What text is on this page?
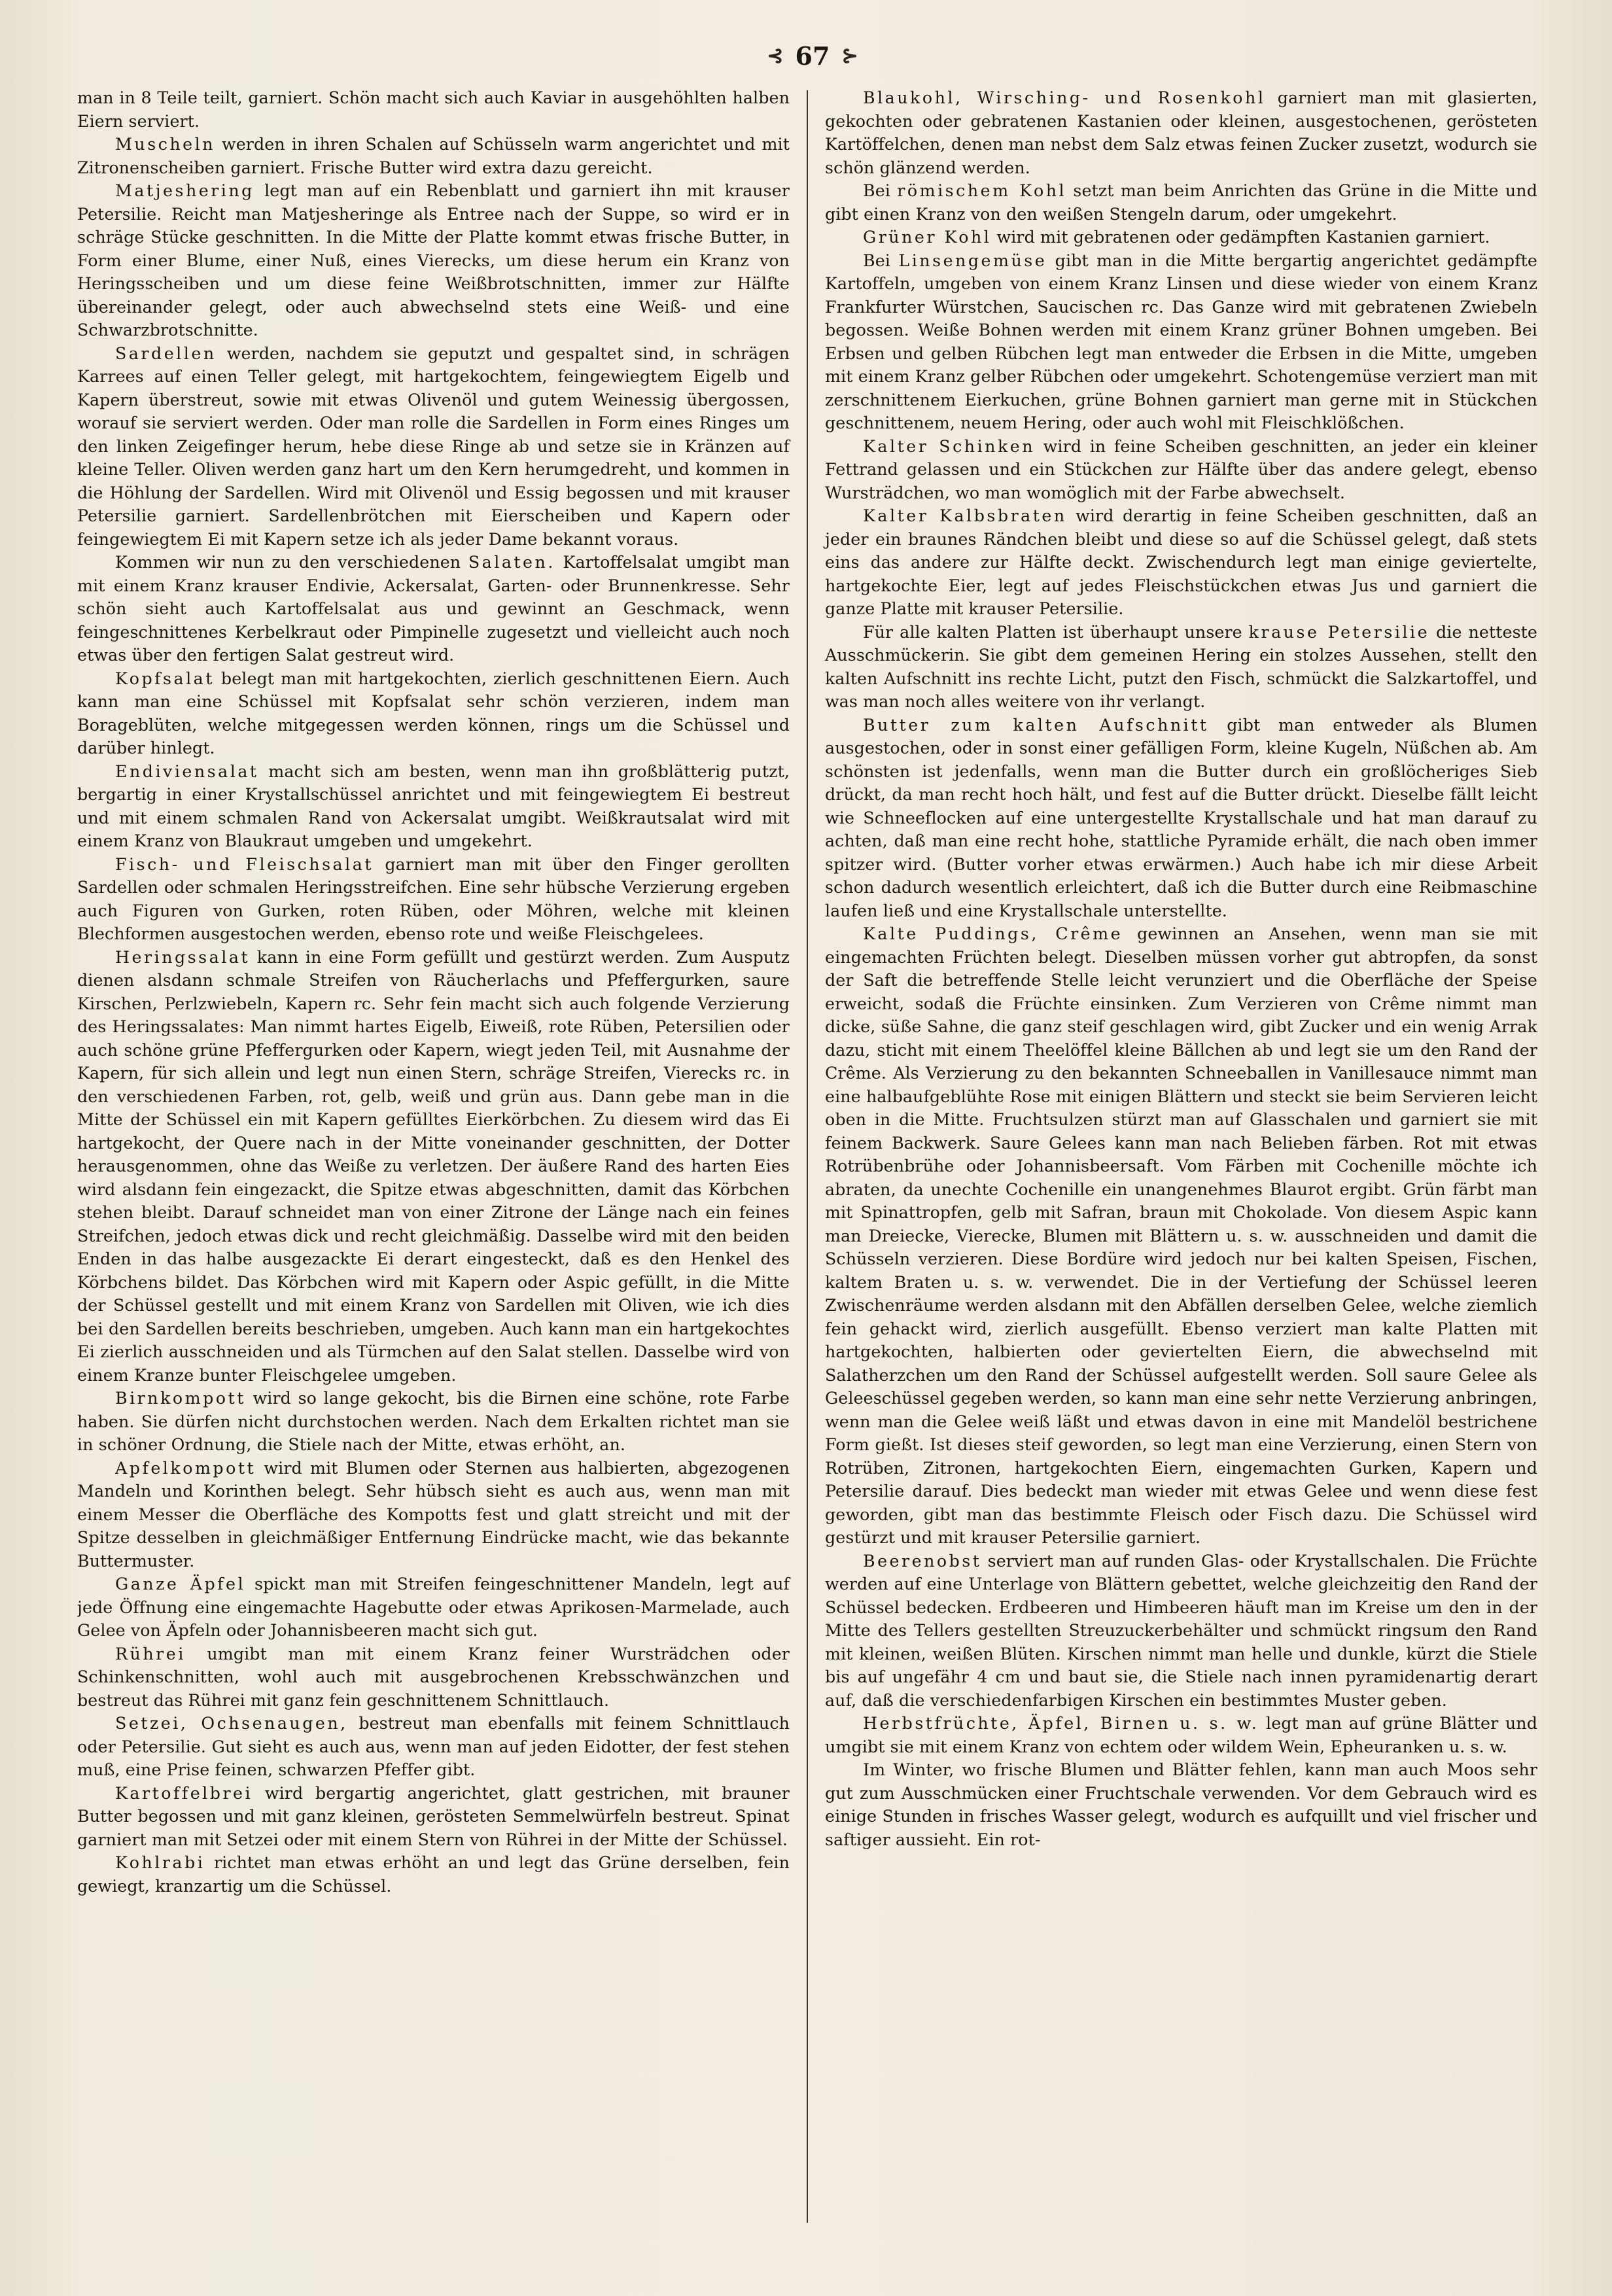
⊰ 67 ⊱

man in 8 Teile teilt, garniert. Schön macht sich auch Kaviar in ausgehöhlten halben Eiern serviert.

Muscheln werden in ihren Schalen auf Schüsseln warm angerichtet und mit Zitronenscheiben garniert. Frische Butter wird extra dazu gereicht.

Matjeshering legt man auf ein Rebenblatt und garniert ihn mit krauser Petersilie. Reicht man Matjesheringe als Entree nach der Suppe, so wird er in schräge Stücke geschnitten. In die Mitte der Platte kommt etwas frische Butter, in Form einer Blume, einer Nuß, eines Vierecks, um diese herum ein Kranz von Heringsscheiben und um diese feine Weißbrotschnitten, immer zur Hälfte übereinander gelegt, oder auch abwechselnd stets eine Weiß- und eine Schwarzbrotschnitte.

Sardellen werden, nachdem sie geputzt und gespaltet sind, in schrägen Karrees auf einen Teller gelegt, mit hartgekochtem, feingewiegtem Eigelb und Kapern überstreut, sowie mit etwas Olivenöl und gutem Weinessig übergossen, worauf sie serviert werden. Oder man rolle die Sardellen in Form eines Ringes um den linken Zeigefinger herum, hebe diese Ringe ab und setze sie in Kränzen auf kleine Teller. Oliven werden ganz hart um den Kern herumgedreht, und kommen in die Höhlung der Sardellen. Wird mit Olivenöl und Essig begossen und mit krauser Petersilie garniert. Sardellenbrötchen mit Eierscheiben und Kapern oder feingewiegtem Ei mit Kapern setze ich als jeder Dame bekannt voraus.

Kommen wir nun zu den verschiedenen Salaten. Kartoffelsalat umgibt man mit einem Kranz krauser Endivie, Ackersalat, Garten- oder Brunnenkresse. Sehr schön sieht auch Kartoffelsalat aus und gewinnt an Geschmack, wenn feingeschnittenes Kerbelkraut oder Pimpinelle zugesetzt und vielleicht auch noch etwas über den fertigen Salat gestreut wird.

Kopfsalat belegt man mit hartgekochten, zierlich geschnittenen Eiern. Auch kann man eine Schüssel mit Kopfsalat sehr schön verzieren, indem man Borageblüten, welche mitgegessen werden können, rings um die Schüssel und darüber hinlegt.

Endiviensalat macht sich am besten, wenn man ihn großblätterig putzt, bergartig in einer Krystallschüssel anrichtet und mit feingewiegtem Ei bestreut und mit einem schmalen Rand von Ackersalat umgibt. Weißkrautsalat wird mit einem Kranz von Blaukraut umgeben und umgekehrt.

Fisch- und Fleischsalat garniert man mit über den Finger gerollten Sardellen oder schmalen Heringsstreifchen. Eine sehr hübsche Verzierung ergeben auch Figuren von Gurken, roten Rüben, oder Möhren, welche mit kleinen Blechformen ausgestochen werden, ebenso rote und weiße Fleischgelees.

Heringssalat kann in eine Form gefüllt und gestürzt werden. Zum Ausputz dienen alsdann schmale Streifen von Räucherlachs und Pfeffergurken, saure Kirschen, Perlzwiebeln, Kapern rc. Sehr fein macht sich auch folgende Verzierung des Heringssalates: Man nimmt hartes Eigelb, Eiweiß, rote Rüben, Petersilien oder auch schöne grüne Pfeffergurken oder Kapern, wiegt jeden Teil, mit Ausnahme der Kapern, für sich allein und legt nun einen Stern, schräge Streifen, Vierecks rc. in den verschiedenen Farben, rot, gelb, weiß und grün aus. Dann gebe man in die Mitte der Schüssel ein mit Kapern gefülltes Eierkörbchen. Zu diesem wird das Ei hartgekocht, der Quere nach in der Mitte voneinander geschnitten, der Dotter herausgenommen, ohne das Weiße zu verletzen. Der äußere Rand des harten Eies wird alsdann fein eingezackt, die Spitze etwas abgeschnitten, damit das Körbchen stehen bleibt. Darauf schneidet man von einer Zitrone der Länge nach ein feines Streifchen, jedoch etwas dick und recht gleichmäßig. Dasselbe wird mit den beiden Enden in das halbe ausgezackte Ei derart eingesteckt, daß es den Henkel des Körbchens bildet. Das Körbchen wird mit Kapern oder Aspic gefüllt, in die Mitte der Schüssel gestellt und mit einem Kranz von Sardellen mit Oliven, wie ich dies bei den Sardellen bereits beschrieben, umgeben. Auch kann man ein hartgekochtes Ei zierlich ausschneiden und als Türmchen auf den Salat stellen. Dasselbe wird von einem Kranze bunter Fleischgelee umgeben.

Birnkompott wird so lange gekocht, bis die Birnen eine schöne, rote Farbe haben. Sie dürfen nicht durchstochen werden. Nach dem Erkalten richtet man sie in schöner Ordnung, die Stiele nach der Mitte, etwas erhöht, an.

Apfelkompott wird mit Blumen oder Sternen aus halbierten, abgezogenen Mandeln und Korinthen belegt. Sehr hübsch sieht es auch aus, wenn man mit einem Messer die Oberfläche des Kompotts fest und glatt streicht und mit der Spitze desselben in gleichmäßiger Entfernung Eindrücke macht, wie das bekannte Buttermuster.

Ganze Äpfel spickt man mit Streifen feingeschnittener Mandeln, legt auf jede Öffnung eine eingemachte Hagebutte oder etwas Aprikosen-Marmelade, auch Gelee von Äpfeln oder Johannisbeeren macht sich gut.

Rührei umgibt man mit einem Kranz feiner Wursträdchen oder Schinkenschnitten, wohl auch mit ausgebrochenen Krebsschwänzchen und bestreut das Rührei mit ganz fein geschnittenem Schnittlauch.

Setzei, Ochsenaugen, bestreut man ebenfalls mit feinem Schnittlauch oder Petersilie. Gut sieht es auch aus, wenn man auf jeden Eidotter, der fest stehen muß, eine Prise feinen, schwarzen Pfeffer gibt.

Kartoffelbrei wird bergartig angerichtet, glatt gestrichen, mit brauner Butter begossen und mit ganz kleinen, gerösteten Semmelwürfeln bestreut. Spinat garniert man mit Setzei oder mit einem Stern von Rührei in der Mitte der Schüssel.

Kohlrabi richtet man etwas erhöht an und legt das Grüne derselben, fein gewiegt, kranzartig um die Schüssel.

Blaukohl, Wirsching- und Rosenkohl garniert man mit glasierten, gekochten oder gebratenen Kastanien oder kleinen, ausgestochenen, gerösteten Kartöffelchen, denen man nebst dem Salz etwas feinen Zucker zusetzt, wodurch sie schön glänzend werden.

Bei römischem Kohl setzt man beim Anrichten das Grüne in die Mitte und gibt einen Kranz von den weißen Stengeln darum, oder umgekehrt.

Grüner Kohl wird mit gebratenen oder gedämpften Kastanien garniert.

Bei Linsengemüse gibt man in die Mitte bergartig angerichtet gedämpfte Kartoffeln, umgeben von einem Kranz Linsen und diese wieder von einem Kranz Frankfurter Würstchen, Saucischen rc. Das Ganze wird mit gebratenen Zwiebeln begossen. Weiße Bohnen werden mit einem Kranz grüner Bohnen umgeben. Bei Erbsen und gelben Rübchen legt man entweder die Erbsen in die Mitte, umgeben mit einem Kranz gelber Rübchen oder umgekehrt. Schotengemüse verziert man mit zerschnittenem Eierkuchen, grüne Bohnen garniert man gerne mit in Stückchen geschnittenem, neuem Hering, oder auch wohl mit Fleischklößchen.

Kalter Schinken wird in feine Scheiben geschnitten, an jeder ein kleiner Fettrand gelassen und ein Stückchen zur Hälfte über das andere gelegt, ebenso Wursträdchen, wo man womöglich mit der Farbe abwechselt.

Kalter Kalbsbraten wird derartig in feine Scheiben geschnitten, daß an jeder ein braunes Rändchen bleibt und diese so auf die Schüssel gelegt, daß stets eins das andere zur Hälfte deckt. Zwischendurch legt man einige geviertelte, hartgekochte Eier, legt auf jedes Fleischstückchen etwas Jus und garniert die ganze Platte mit krauser Petersilie.

Für alle kalten Platten ist überhaupt unsere krause Petersilie die netteste Ausschmückerin. Sie gibt dem gemeinen Hering ein stolzes Aussehen, stellt den kalten Aufschnitt ins rechte Licht, putzt den Fisch, schmückt die Salzkartoffel, und was man noch alles weitere von ihr verlangt.

Butter zum kalten Aufschnitt gibt man entweder als Blumen ausgestochen, oder in sonst einer gefälligen Form, kleine Kugeln, Nüßchen ab. Am schönsten ist jedenfalls, wenn man die Butter durch ein großlöcheriges Sieb drückt, da man recht hoch hält, und fest auf die Butter drückt. Dieselbe fällt leicht wie Schneeflocken auf eine untergestellte Krystallschale und hat man darauf zu achten, daß man eine recht hohe, stattliche Pyramide erhält, die nach oben immer spitzer wird. (Butter vorher etwas erwärmen.) Auch habe ich mir diese Arbeit schon dadurch wesentlich erleichtert, daß ich die Butter durch eine Reibmaschine laufen ließ und eine Krystallschale unterstellte.

Kalte Puddings, Crême gewinnen an Ansehen, wenn man sie mit eingemachten Früchten belegt. Dieselben müssen vorher gut abtropfen, da sonst der Saft die betreffende Stelle leicht verunziert und die Oberfläche der Speise erweicht, sodaß die Früchte einsinken. Zum Verzieren von Crême nimmt man dicke, süße Sahne, die ganz steif geschlagen wird, gibt Zucker und ein wenig Arrak dazu, sticht mit einem Theelöffel kleine Bällchen ab und legt sie um den Rand der Crême. Als Verzierung zu den bekannten Schneeballen in Vanillesauce nimmt man eine halbaufgeblühte Rose mit einigen Blättern und steckt sie beim Servieren leicht oben in die Mitte. Fruchtsulzen stürzt man auf Glasschalen und garniert sie mit feinem Backwerk. Saure Gelees kann man nach Belieben färben. Rot mit etwas Rotrübenbrühe oder Johannisbeersaft. Vom Färben mit Cochenille möchte ich abraten, da unechte Cochenille ein unangenehmes Blaurot ergibt. Grün färbt man mit Spinattropfen, gelb mit Safran, braun mit Chokolade. Von diesem Aspic kann man Dreiecke, Vierecke, Blumen mit Blättern u. s. w. ausschneiden und damit die Schüsseln verzieren. Diese Bordüre wird jedoch nur bei kalten Speisen, Fischen, kaltem Braten u. s. w. verwendet. Die in der Vertiefung der Schüssel leeren Zwischenräume werden alsdann mit den Abfällen derselben Gelee, welche ziemlich fein gehackt wird, zierlich ausgefüllt. Ebenso verziert man kalte Platten mit hartgekochten, halbierten oder geviertelten Eiern, die abwechselnd mit Salatherzchen um den Rand der Schüssel aufgestellt werden. Soll saure Gelee als Geleeschüssel gegeben werden, so kann man eine sehr nette Verzierung anbringen, wenn man die Gelee weiß läßt und etwas davon in eine mit Mandelöl bestrichene Form gießt. Ist dieses steif geworden, so legt man eine Verzierung, einen Stern von Rotrüben, Zitronen, hartgekochten Eiern, eingemachten Gurken, Kapern und Petersilie darauf. Dies bedeckt man wieder mit etwas Gelee und wenn diese fest geworden, gibt man das bestimmte Fleisch oder Fisch dazu. Die Schüssel wird gestürzt und mit krauser Petersilie garniert.

Beerenobst serviert man auf runden Glas- oder Krystallschalen. Die Früchte werden auf eine Unterlage von Blättern gebettet, welche gleichzeitig den Rand der Schüssel bedecken. Erdbeeren und Himbeeren häuft man im Kreise um den in der Mitte des Tellers gestellten Streuzuckerbehälter und schmückt ringsum den Rand mit kleinen, weißen Blüten. Kirschen nimmt man helle und dunkle, kürzt die Stiele bis auf ungefähr 4 cm und baut sie, die Stiele nach innen pyramidenartig derart auf, daß die verschiedenfarbigen Kirschen ein bestimmtes Muster geben.

Herbstfrüchte, Äpfel, Birnen u. s. w. legt man auf grüne Blätter und umgibt sie mit einem Kranz von echtem oder wildem Wein, Epheuranken u. s. w.

Im Winter, wo frische Blumen und Blätter fehlen, kann man auch Moos sehr gut zum Ausschmücken einer Fruchtschale verwenden. Vor dem Gebrauch wird es einige Stunden in frisches Wasser gelegt, wodurch es aufquillt und viel frischer und saftiger aussieht. Ein rot-
